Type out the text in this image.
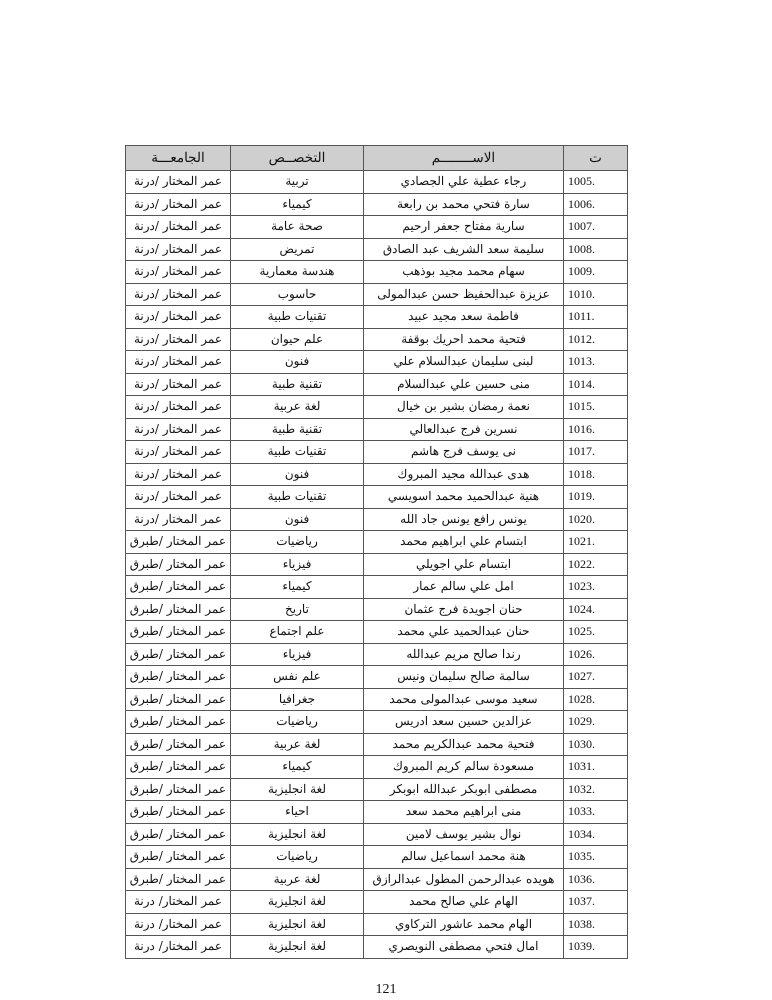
الجامعـــة	التخصــص	الاســــــــم	ت
عمر المختار /درنة	تربية	رجاء عطية علي الجصادي	1005.
عمر المختار /درنة	كيمياء	سارة فتحي محمد بن رابعة	1006.
عمر المختار /درنة	صحة عامة	سارية مفتاح جعفر ارحيم	1007.
عمر المختار /درنة	تمريض	سليمة سعد الشريف عبد الصادق	1008.
عمر المختار /درنة	هندسة معمارية	سهام محمد مجيد بوذهب	1009.
عمر المختار /درنة	حاسوب	عزيزة عبدالحفيظ حسن عبدالمولى	1010.
عمر المختار /درنة	تقنيات طبية	فاطمة سعد مجيد عبيد	1011.
عمر المختار /درنة	علم حيوان	فتحية محمد احريك بوقفة	1012.
عمر المختار /درنة	فنون	لبنى سليمان عبدالسلام علي	1013.
عمر المختار /درنة	تقنية طبية	منى حسين علي عبدالسلام	1014.
عمر المختار /درنة	لغة عربية	نعمة رمضان بشير بن خيال	1015.
عمر المختار /درنة	تقنية طبية	نسرين فرج عبدالعالي	1016.
عمر المختار /درنة	تقنيات طبية	نى يوسف فرج هاشم	1017.
عمر المختار /درنة	فنون	هدى عبدالله مجيد المبروك	1018.
عمر المختار /درنة	تقنيات طبية	هنية عبدالحميد محمد اسويسي	1019.
عمر المختار /درنة	فنون	يونس رافع يونس جاد الله	1020.
عمر المختار /طبرق	رياضيات	ابتسام علي ابراهيم محمد	1021.
عمر المختار /طبرق	فيزياء	ابتسام علي اجويلي	1022.
عمر المختار /طبرق	كيمياء	امل علي سالم عمار	1023.
عمر المختار /طبرق	تاريخ	حنان اجويدة فرج عثمان	1024.
عمر المختار /طبرق	علم اجتماع	حنان عبدالحميد علي محمد	1025.
عمر المختار /طبرق	فيزياء	رندا صالح مريم عبدالله	1026.
عمر المختار /طبرق	علم نفس	سالمة صالح سليمان ونيس	1027.
عمر المختار /طبرق	جغرافيا	سعيد موسى عبدالمولى محمد	1028.
عمر المختار /طبرق	رياضيات	عزالدين حسين سعد ادريس	1029.
عمر المختار /طبرق	لغة عربية	فتحية محمد عبدالكريم محمد	1030.
عمر المختار /طبرق	كيمياء	مسعودة سالم كريم المبروك	1031.
عمر المختار /طبرق	لغة انجليزية	مصطفى ابوبكر عبدالله ابوبكر	1032.
عمر المختار /طبرق	احياء	منى ابراهيم محمد سعد	1033.
عمر المختار /طبرق	لغة انجليزية	نوال بشير يوسف لامين	1034.
عمر المختار /طبرق	رياضيات	هنة محمد اسماعيل سالم	1035.
عمر المختار /طبرق	لغة عربية	هويده عبدالرحمن المطول عبدالرازق	1036.
عمر المختار/ درنة	لغة انجليزية	الهام علي صالح محمد	1037.
عمر المختار/ درنة	لغة انجليزية	الهام محمد عاشور التركاوي	1038.
عمر المختار/ درنة	لغة انجليزية	امال فتحي مصطفى النويصري	1039.
121
